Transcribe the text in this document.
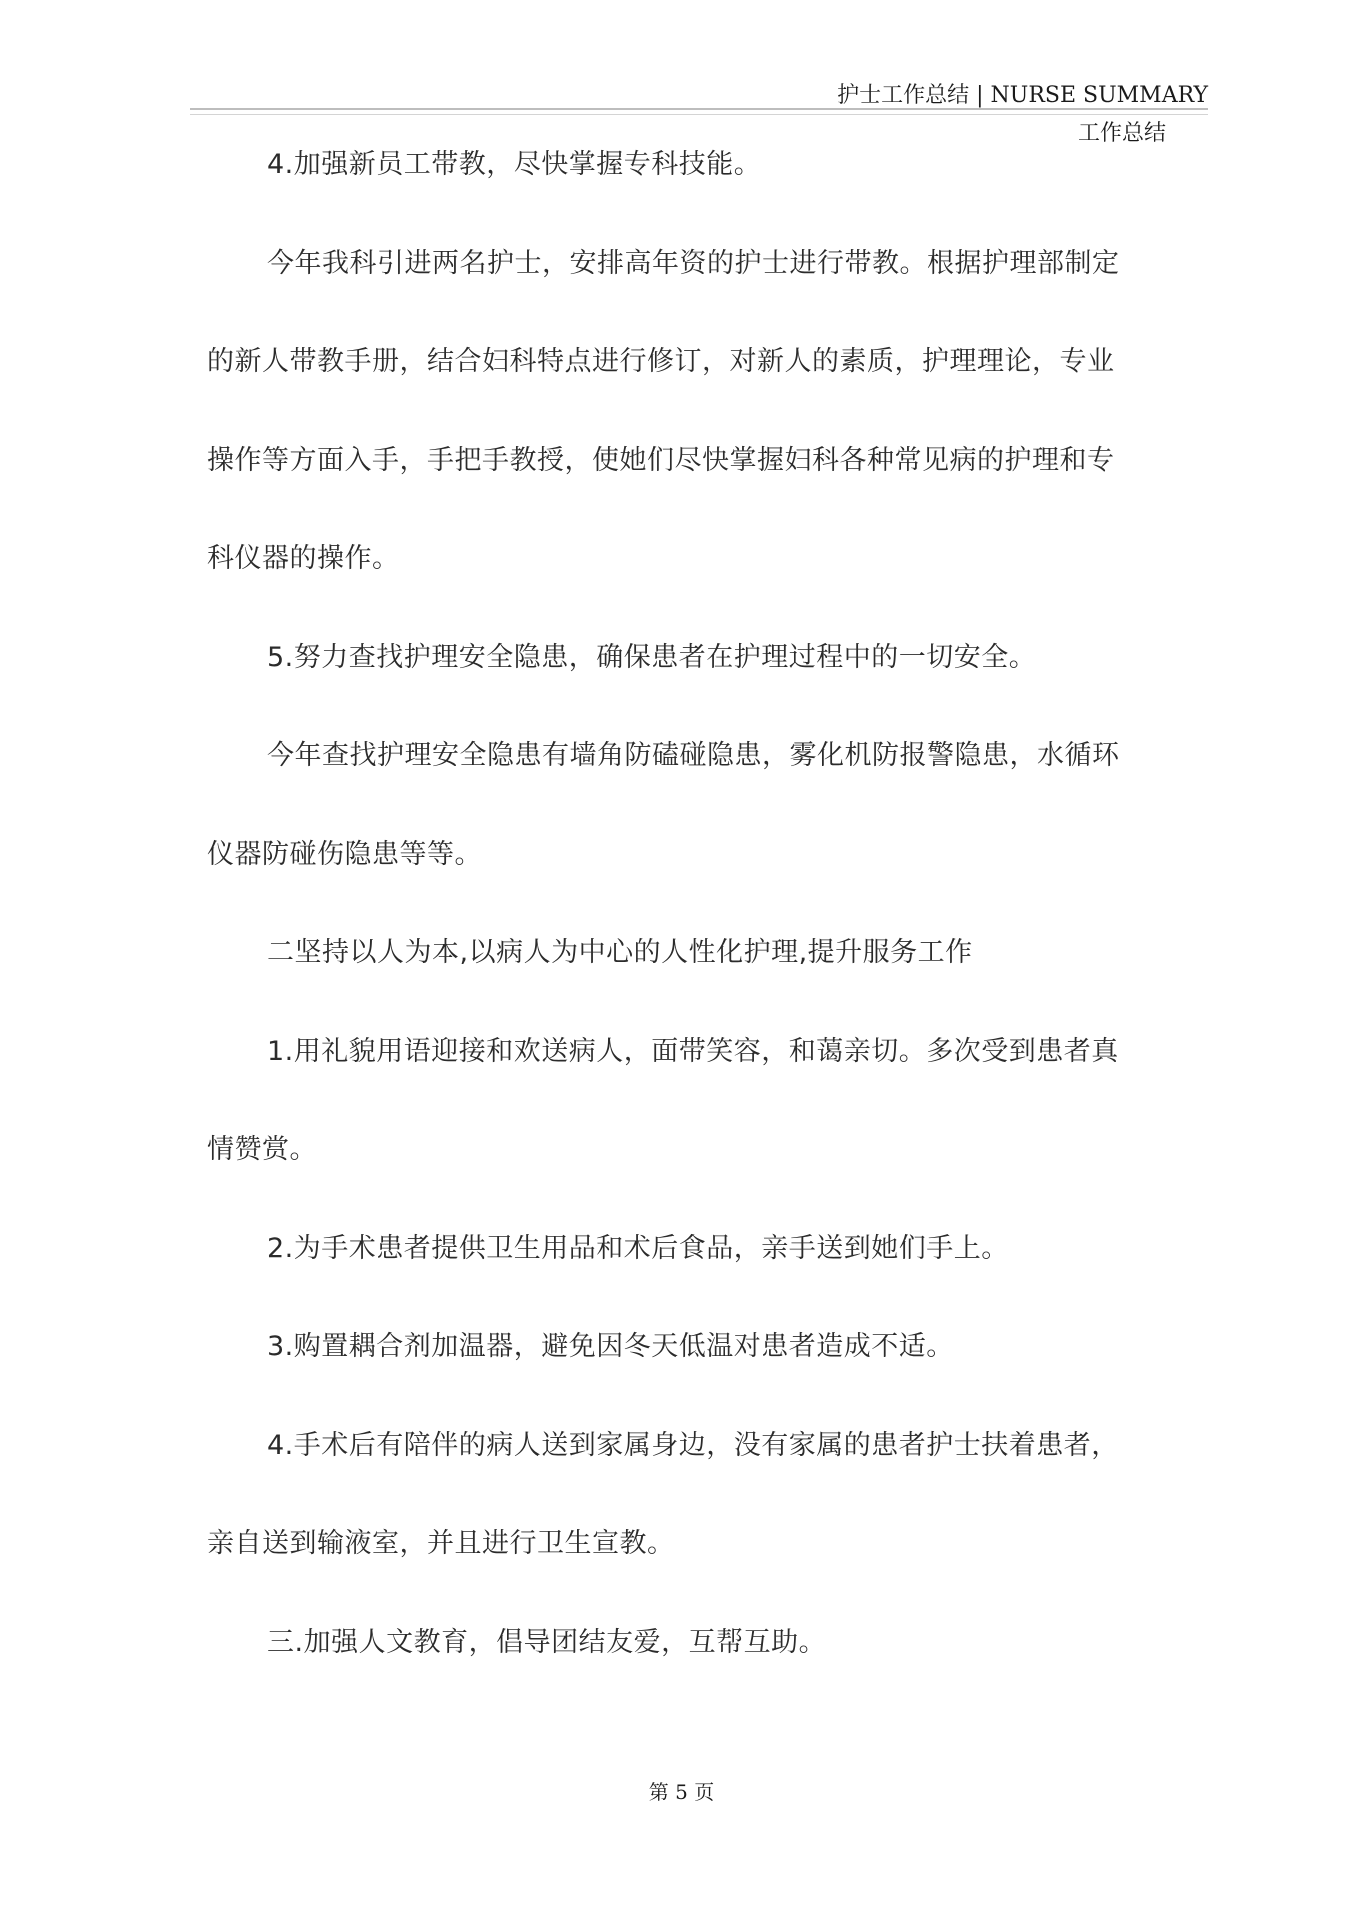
护士工作总结 | NURSE SUMMARY
工作总结
4.加强新员工带教，尽快掌握专科技能。
今年我科引进两名护士，安排高年资的护士进行带教。根据护理部制定
的新人带教手册，结合妇科特点进行修订，对新人的素质，护理理论，专业
操作等方面入手，手把手教授，使她们尽快掌握妇科各种常见病的护理和专
科仪器的操作。
5.努力查找护理安全隐患，确保患者在护理过程中的一切安全。
今年查找护理安全隐患有墙角防磕碰隐患，雾化机防报警隐患，水循环
仪器防碰伤隐患等等。
二坚持以人为本,以病人为中心的人性化护理,提升服务工作
1.用礼貌用语迎接和欢送病人，面带笑容，和蔼亲切。多次受到患者真
情赞赏。
2.为手术患者提供卫生用品和术后食品，亲手送到她们手上。
3.购置耦合剂加温器，避免因冬天低温对患者造成不适。
4.手术后有陪伴的病人送到家属身边，没有家属的患者护士扶着患者，
亲自送到输液室，并且进行卫生宣教。
三.加强人文教育，倡导团结友爱，互帮互助。
第 5 页
